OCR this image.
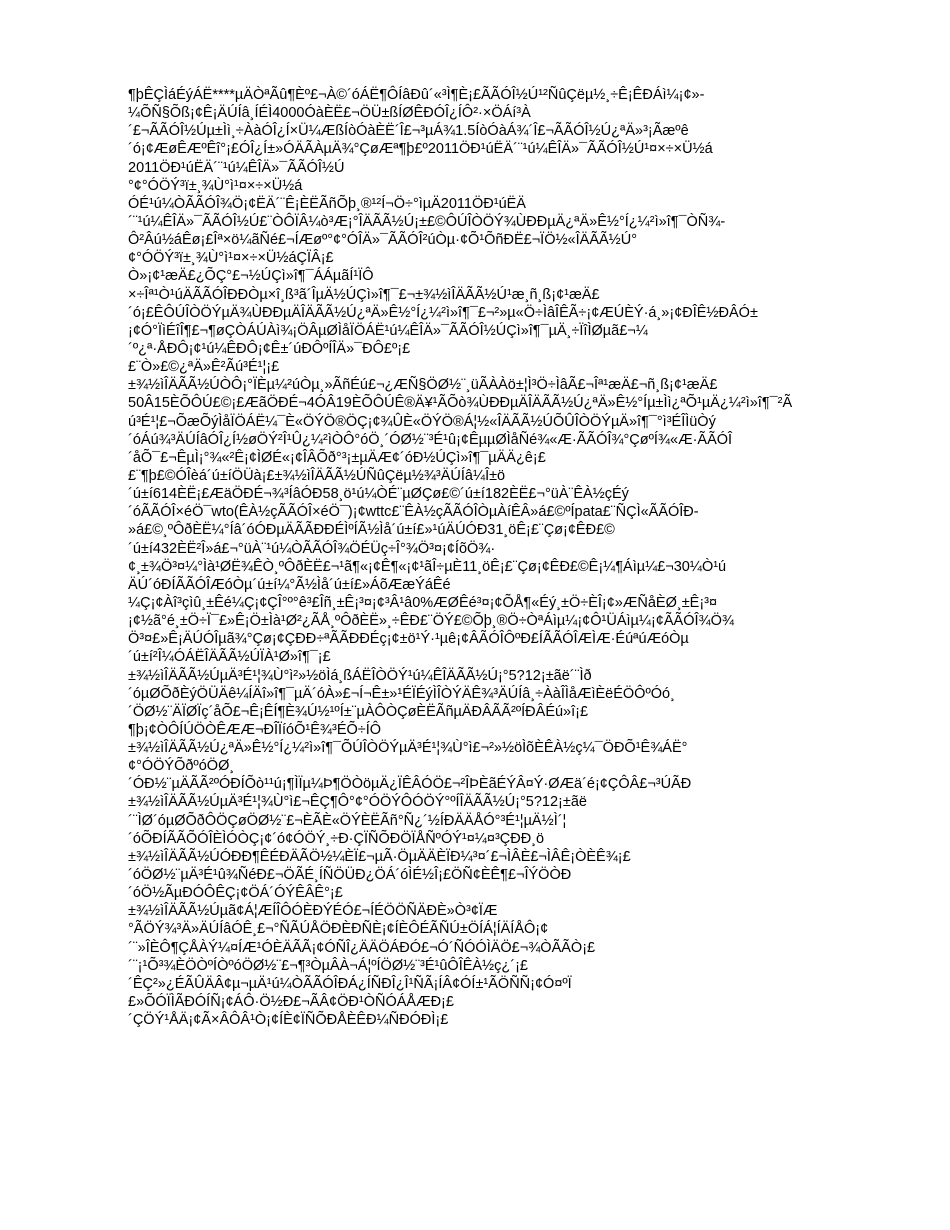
¶þÊÇÌáÉýÁË****µÄÒªÃû¶Èº£¬À©´óÁË¶ÔÍâÐû´«³Ì¶È¡£ÃÃÓÎ½Ú¹²ÑûÇëµ½¸÷Ê¡ÊÐÁì¼¡¢»-
¼ÕÑ§Õß¡¢Ê¡ÄÚÍâ¸ÍÉÌ4000ÓàÈË£¬ÖÜ±ßÍØÊÐÓÎ¿ÍÔ²·×ÖÁí³À
´£¬ÃÃÓÎ½Úµ±Ìì¸÷ÀàÓÎ¿Í×Ü¼ÆßÍòÓàÈË´Î£¬³µÁ¾1.5ÍòÓàÁ¾´Î£¬ÃÃÓÎ½Ú¿ªÄ»³¡Ãæºê
´ó¡¢ÆøÊÆºÊî°¡£ÓÎ¿Í±»ÓÄÃÀµÄ¾°ÇøÆª¶þ£º2011ÖÐ¹úËÄ´¨¹ú¼ÊÎÄ»¯ÃÃÓÎ½Ú¹¤×÷×Ü½á
2011ÖÐ¹úËÄ´¨¹ú¼ÊÎÄ»¯ÃÃÓÎ½Ú
°¢°ÓÖÝ³ï±¸¾Ù°ì¹¤×÷×Ü½á
ÓÉ¹ú¼ÒÃÃÓÎ¾Ö¡¢ËÄ´¨Ê¡ÈËÃñÕþ¸®¹²Í¬Ö÷°ìµÄ2011ÖÐ¹úËÄ
´¨¹ú¼ÊÎÄ»¯ÃÃÓÎ½Ú£¨ÒÔÏÂ¼ò³Æ¡°ÎÄÃÃ½Ú¡±£©ÔÚÎÒÖÝ¾ÙÐÐµÄ¿ªÄ»Ê½°Í¿¼²ì»î¶¯ÒÑ¾-
Ô²Âú½áÊø¡£Îª×ö¼ãÑé£¬ÍÆøº°¢°ÓÎÄ»¯ÃÃÓÎ²úÒµ·¢Õ¹ÕñÐË£¬ÏÖ½«ÎÄÃÃ½Ú°
¢°ÓÖÝ³ï±¸¾Ù°ì¹¤×÷×Ü½áÇÏÂ¡£
Ò»¡¢¹æÄ£¿ÕÇ°£¬½ÚÇì»î¶¯ÁÁµãÍ¹ÏÔ
×÷Îª¹Ò¹úÄÃÃÓÎÐÐÒµ×î¸ß³ã´ÎµÄ½ÚÇì»î¶¯£¬±¾½ìÎÄÃÃ½Ú¹æ¸ñ¸ß¡¢¹æÄ£
´ó¡£ÊÔÚÎÒÖÝµÄ¾ÙÐÐµÄÎÄÃÃ½Ú¿ªÄ»Ê½°Í¿¼²ì»î¶¯£¬²»µ«Ö÷ÌâÎÊÃ÷¡¢ÆÚÈÝ·á¸»¡¢ÐÎÊ½ÐÂÓ±
¡¢Ó°ÏìÉîÎ¶£¬¶øÇÒÁÚÀì¾¡ÖÂµØÌåÏÖÁË¹ú¼ÊÎÄ»¯ÃÃÓÎ½ÚÇì»î¶¯µÄ¸÷ÏîÌØµã£¬¼
´º¿ª·ÅÐÔ¡¢¹ú¼ÊÐÔ¡¢Ê±´úÐÔºÍÎÄ»¯ÐÔ£º¡£
£¨Ò»£©¿ªÄ»Ê²Ãú³É¹¦¡£
±¾½ìÎÄÃÃ½ÚÒÔ¡°ÏÈµ¼²úÒµ¸»ÃñÉú£¬¿ÆÑ§ÖØ½¨¸üÃÀÀö±¦Ì³Ö÷ÌâÃ£¬Îª¹æÄ£¬ñ¸ß¡¢¹æÄ£
50Â15ÈÕÔÚ£©¡£ÆãÖÐÉ¬4ÓÂ19ÈÕÔÚÊ®Ä¥¹ÃÕò¾ÙÐÐµÄÎÄÃÃ½Ú¿ªÄ»Ê½°Íµ±Ìì¿ªÕ¹µÄ¿¼²ì»î¶¯²Ã
ú³É¹¦£¬ÕæÕýÌåÏÖÁË¼¯È«ÖÝÖ®ÖÇ¡¢¾ÛÈ«ÖÝÖ®Á¦½«ÎÄÃÃ½ÚÕÛÎÒÖÝµÄ»î¶¯°ì³ÉÎÌüÒý
´óÁú¾³ÄÚÍâÓÎ¿Í½øÖÝ²Î¹Û¿¼²ìÒÔ°óÖ¸´ÓØ½¨³É¹û¡¢ÊµµØÌåÑé¾«Æ·ÃÃÓÎ¾°ÇøºÍ¾«Æ·ÃÃÓÎ
´åÕ¯£¬ÊµÌ¡°¾«²Ê¡¢ÌØÉ«¡¢ÎÂÕð°³¡±µÄÆ¢´óÐ½ÚÇì»î¶¯µÄÄ¿ê¡£
£¨¶þ£©ÓÎèá´ú±íÖÜà¡£±¾½ìÎÄÃÃ½ÚÑûÇëµ½¾³ÄÚÍâ¼Î±ö
´ú±í614ÈË¡£ÆäÖÐÉ¬¾³ÍâÓÐ58¸ö¹ú¼ÒÉ¨µØÇø£©´ú±í182ÈË£¬°üÀ¨ÊÀ½çÉý
´óÃÃÓÎ×éÖ¯wto(ÊÀ½çÃÃÓÎ×éÖ¯)¡¢wttc£¨ÊÀ½çÃÃÓÎÒµÀíÊÂ»á£©ºÍpata£¨ÑÇÌ«ÃÃÓÎÐ-
»á£©¸ºÔðÈË¼°Íâ´óÓÐµÄÃÃÐÐÉÌºÍÃ½Ìå´ú±í£»¹úÄÚÓÐ31¸öÊ¡£¨Çø¡¢ÊÐ£©
´ú±í432ÈË²Î»á£¬°üÀ¨¹ú¼ÒÃÃÓÎ¾ÖÉÜç÷Î°¾Ö³¤¡¢ÍõÖ¾·
¢¸±¾Ö³¤¼°Ìà¹ØË¾ÊÒ¸ºÔðÈË£¬¹ã¶«¡¢Ê¶«¡¢¹ãÎ÷µÈ11¸öÊ¡£¨Çø¡¢ÊÐ£©Ê¡¼¶Áìµ¼£¬30¼Ò¹ú
ÄÚ´óÐÍÃÃÓÎÆóÒµ´ú±í¼°Ã½Ìå´ú±í£»ÁõÆæÝáÊé
¼Ç¡¢Àî³çìû¸±Êé¼Ç¡¢ÇÎ°º°ê³£Îñ¸±Ê¡³¤¡¢³Â¹â0%ÆØÊé³¤¡¢ÕÅ¶«Éý¸±Ö÷ÈÎ¡¢»ÆÑåÈØ¸±Ê¡³¤
¡¢½ã°é¸±Ö÷Ï¯£»Ê¡Ö±Ìà¹Ø²¿ÃÅ¸ºÔðÈË»¸÷ÊÐ£¨ÖÝ£©Õþ¸®Ö÷ÒªÁìµ¼¡¢Ô¹ÜÁìµ¼¡¢ÃÃÓÎ¾Ö¾
Ö³¤£»Ê¡ÄÚÓÎµã¾°Çø¡¢ÇÐÐ÷ªÃÃÐÐÉç¡¢±ö¹Ý·¹µê¡¢ÂÃÓÎÔºÐ£ÍÃÃÓÎÆÌÆ·ÉúªúÆóÒµ
´ú±í²Î¼ÓÁËÎÄÃÃ½ÚÏÀ¹Ø»î¶¯¡£
±¾½ìÎÄÃÃ½ÚµÄ³É¹¦¾Ù°ì²»½öÌá¸ßÁËÎÒÖÝ¹ú¼ÊÎÄÃÃ½Ú¡°5?12¡±ãë´¨Ìð
´óµØÕðÈýÖÜÄê¼ÍÄî»î¶¯µÄ´óÀ»£¬Í¬Ê±»¹ÉÏÉýÌÎÒÝÄÊ¾³ÄÚÍâ¸÷ÀàÎÌåÆìÈëÉÖÔºÓó¸
´ÖØ½¨ÄÏØÏç´åÕ£¬Ê¡ÊÍ¶È¾Ú½¹ºÍ±¨µÀÔÒÇøÈËÃñµÄÐÂÃÃ²ºÍÐÂÉú»î¡£
¶þ¡¢ÒÔÍÚÖÒÊÆÆ¬ÐÎÏíóÕ¹Ê¾³ÉÕ÷ÍÔ
±¾½ìÎÄÃÃ½Ú¿ªÄ»Ê½°Í¿¼²ì»î¶¯ÕÚÎÒÖÝµÄ³É¹¦¾Ù°ì£¬²»½öÌõÈÊÀ½ç¼¯ÖÐÕ¹Ê¾ÁË°
¢°ÓÖÝÕðºóÖØ¸
´ÓÐ½¨µÄÃÃ²ºÓÐÍÕò¹¹ú¡¶ÌÏµ¼Þ¶ÖÒöµÄ¿ÏÊÂÓÖ£¬²ÎÞÈãÉÝÂ¤Ý·ØÆä´é¡¢ÇÔÂ£¬³ÚÃÐ
±¾½ìÎÄÃÃ½ÚµÄ³É¹¦¾Ù°ì£¬ÊÇ¶Ô°¢°ÓÖÝÔÓÖÝ°ºÍÎÄÃÃ½Ú¡°5?12¡±ãë
´¨ÌØ´óµØÕðÔÖÇøÖØ½¨£¬ÈÃÈ«ÖÝÈËÃñ°Ñ¿´½ÍÐÄÄÅÓ°³É¹¦µÄ½Ì´¦
´óÕÐÍÃÃÕÓÎÈÌÓÒÇ¡¢´ó¢ÓÖÝ¸÷Ð·ÇÏÑÕÐÖÏÅÑºÓÝ¹¤¼¤³ÇÐÐ¸ö
±¾½ìÎÄÃÃ½ÚÓÐÐ¶ÊÉÐÄÃÖ½¼ÈÏ£¬µÃ·ÖµÄÄÈÏÐ¼³¤´£¬ÌÂÈ£¬ÌÂÊ¡ÒÈÊ¾¡£
´óÖØ½¨µÄ³É¹û¾ÑéÐ£¬ÖÃÉ¸ÍÑÖÜÐ¿ÖÁ´óÌÉ½Î¡£ÖÑ¢ÈÊ¶£¬ÎÝÖÒÐ
´óÖ½ÃµÐÓÔÊÇ¡¢ÖÁ´ÓÝÊÂÊ°¡£
±¾½ìÎÄÃÃ½Úµã¢Á¦ÆÍÎÔÓÈÐÝÉÓ£¬ÍÉÖÖÑÄÐÈ»Ò³¢ÏÆ
°ÃÖÝ¾³Ä»ÄÚÍâÓÊ¸£¬°ÑÃÚÅÖÐÈÐÑÈ¡¢ÍÈÔÉÃÑÚ±ÖÍÁ¦ÍÄÍÅÔ¡¢
´¨»ÎÈÔ¶ÇÅÀÝ¼¤ÍÆ¹ÓÈÄÃÃ¡¢ÓÑÎ¿ÄÄÖÁÐÓ£¬Ó´ÑÓÓÌÄÖ£¬¾ÒÃÃÒ¡£
´¨¡¹Õ³¾ÈÖÒºÍÒºóÖØ½¨£¬¶³ÒµÂÀ¬Á¦ºÍÖØ½¨³É¹ûÔÎÊÀ½ç¿´¡£
´ÊÇ²»¿ÉÃÛÄÂ¢µ¬µÄ¹ú¼ÒÃÃÓÎÐÁ¿ÍÑÐÎ¿Î¹ÑÃ¡ÍÂ¢ÓÍ±¹ÃÖÑÑ¡¢Ó¤ºÏ
£»ÕÓÏÌÃÐÓÍÑ¡¢ÁÔ·Ö½Ð£¬ÃÂ¢ÖÐ¹ÒÑÓÁÅÆÐ¡£
´ÇÖÝ¹ÅÄ¡¢Ã×ÂÔÂ¹Ò¡¢ÍÈ¢ÏÑÕÐÅÈÊÐ¼ÑÐÓÐÌ¡£
